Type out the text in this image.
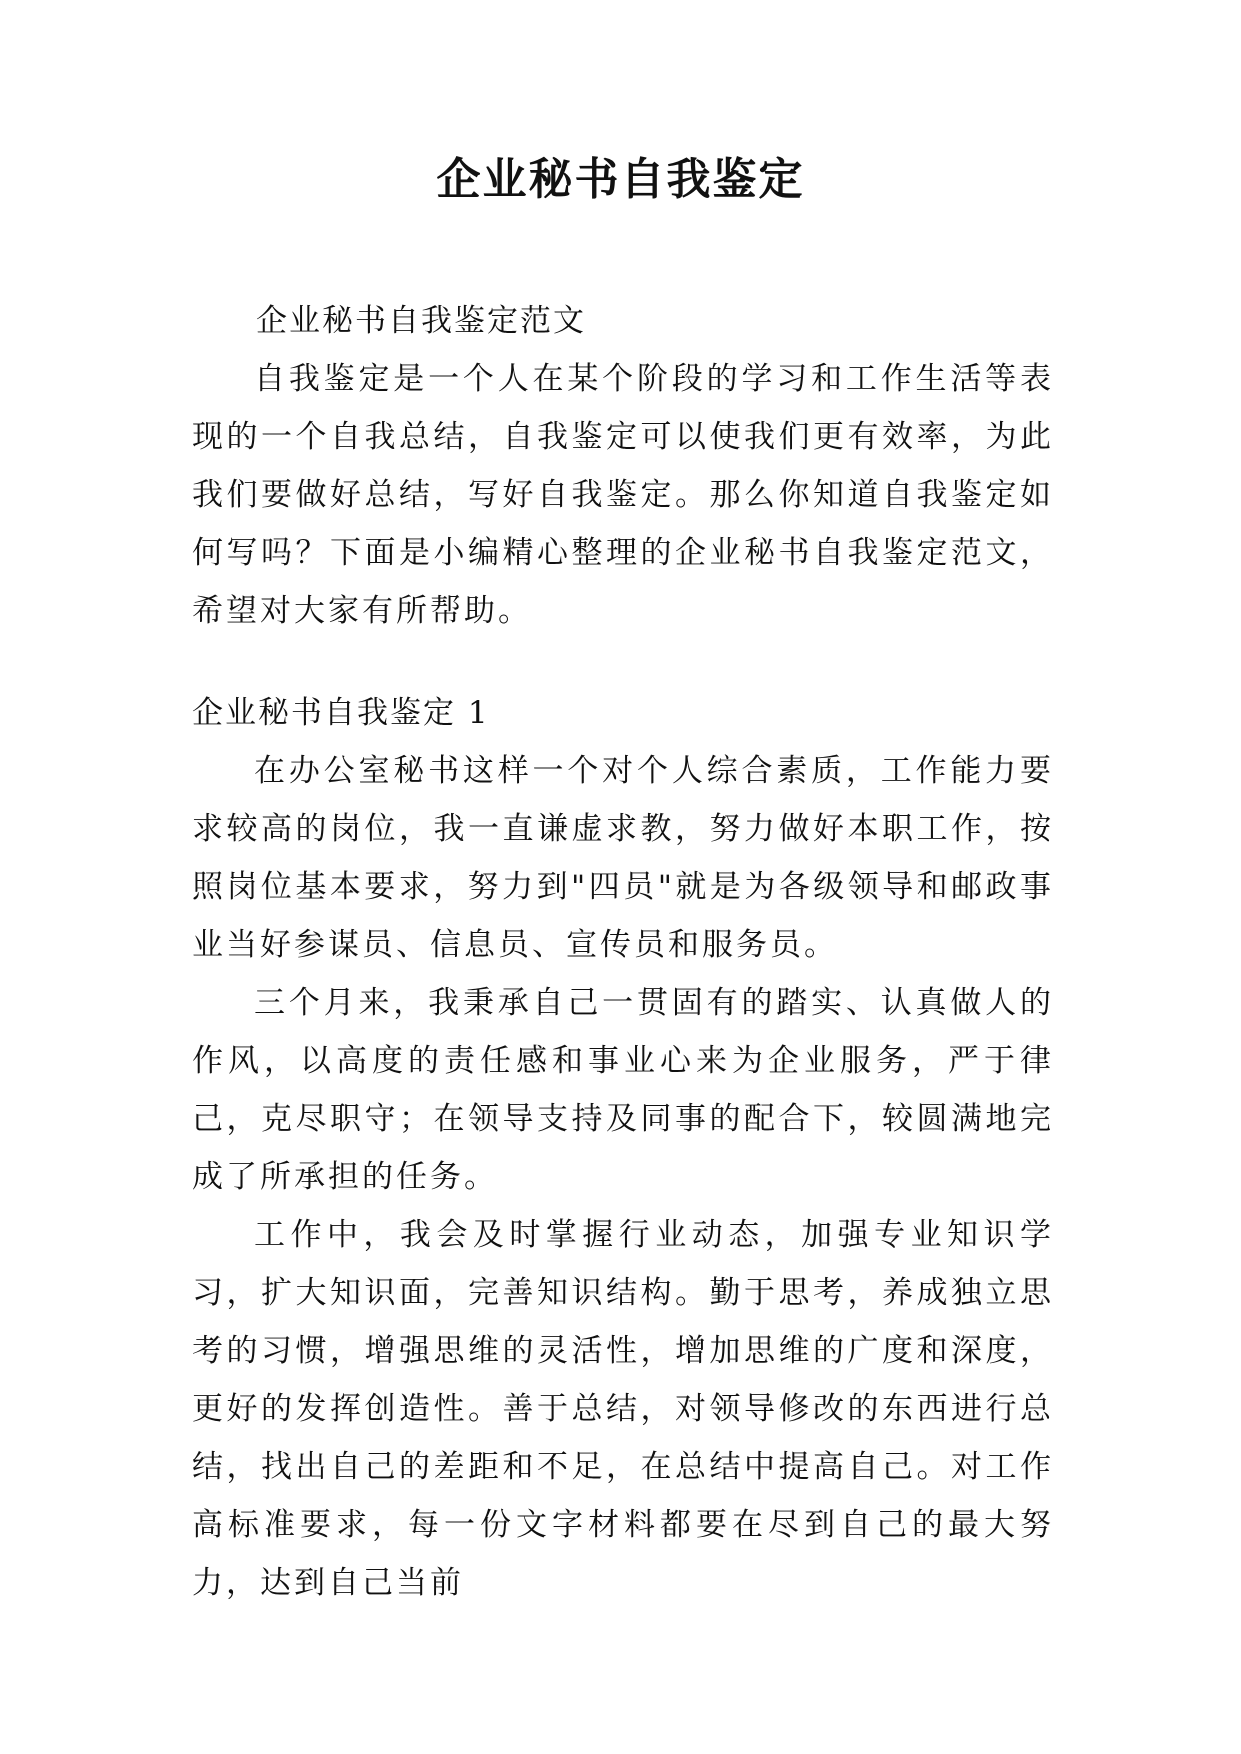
企业秘书自我鉴定

企业秘书自我鉴定范文

自我鉴定是一个人在某个阶段的学习和工作生活等表现的一个自我总结，自我鉴定可以使我们更有效率，为此我们要做好总结，写好自我鉴定。那么你知道自我鉴定如何写吗？下面是小编精心整理的企业秘书自我鉴定范文，希望对大家有所帮助。

企业秘书自我鉴定 1

在办公室秘书这样一个对个人综合素质，工作能力要求较高的岗位，我一直谦虚求教，努力做好本职工作，按照岗位基本要求，努力到"四员"就是为各级领导和邮政事业当好参谋员、信息员、宣传员和服务员。

三个月来，我秉承自己一贯固有的踏实、认真做人的作风，以高度的责任感和事业心来为企业服务，严于律己，克尽职守；在领导支持及同事的配合下，较圆满地完成了所承担的任务。

工作中，我会及时掌握行业动态，加强专业知识学习，扩大知识面，完善知识结构。勤于思考，养成独立思考的习惯，增强思维的灵活性，增加思维的广度和深度，更好的发挥创造性。善于总结，对领导修改的东西进行总结，找出自己的差距和不足，在总结中提高自己。对工作高标准要求，每一份文字材料都要在尽到自己的最大努力，达到自己当前
